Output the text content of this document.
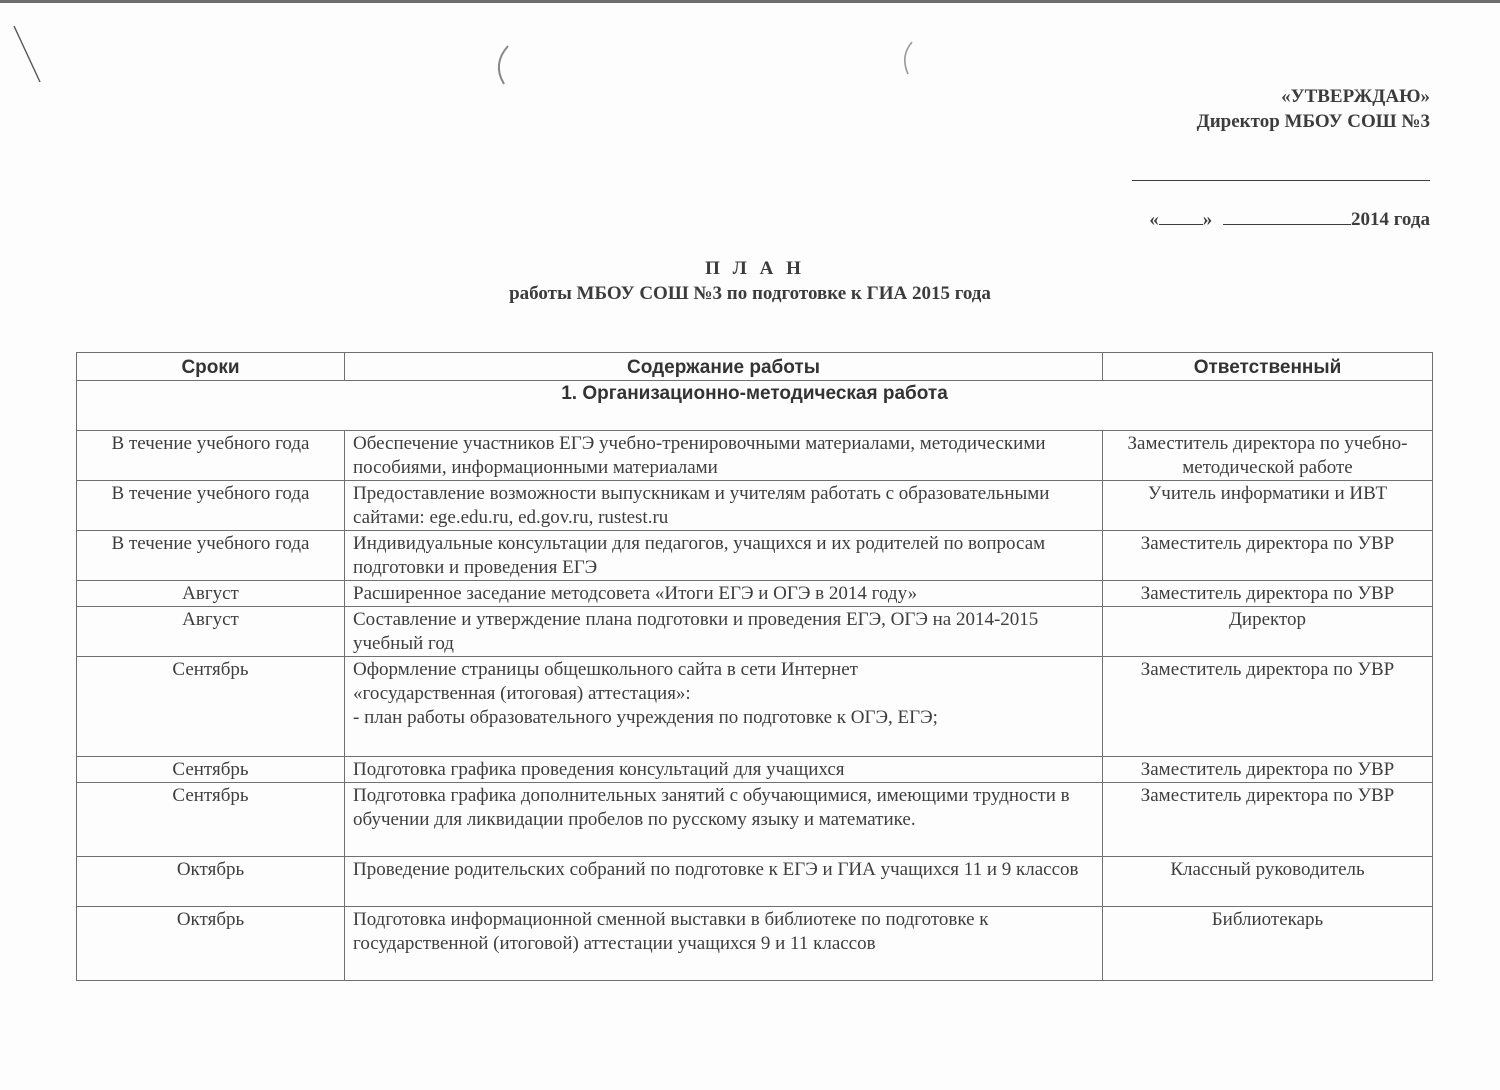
«УТВЕРЖДАЮ»
Директор МБОУ СОШ №3
« »	2014 года
П Л А Н
работы МБОУ СОШ №3 по подготовке к ГИА 2015 года
Сроки	Содержание работы	Ответственный
1. Организационно-методическая работа		
В течение учебного года	Обеспечение участников ЕГЭ учебно-тренировочными материалами, методическими пособиями, информационными материалами	Заместитель директора по учебно-методической работе
В течение учебного года	Предоставление возможности выпускникам и учителям работать с образовательными сайтами: ege.edu.ru, ed.gov.ru, rustest.ru	Учитель информатики и ИВТ
В течение учебного года	Индивидуальные консультации для педагогов, учащихся и их родителей по вопросам подготовки и проведения ЕГЭ	Заместитель директора по УВР
Август	Расширенное заседание методсовета «Итоги ЕГЭ и ОГЭ в 2014 году»	Заместитель директора по УВР
Август	Составление и утверждение плана подготовки и проведения ЕГЭ, ОГЭ на 2014-2015 учебный год	Директор
Сентябрь	Оформление страницы общешкольного сайта в сети Интернет
«государственная (итоговая) аттестация»:
- план работы образовательного учреждения по подготовке к ОГЭ, ЕГЭ;	Заместитель директора по УВР
Сентябрь	Подготовка графика проведения консультаций для учащихся	Заместитель директора по УВР
Сентябрь	Подготовка графика дополнительных занятий с обучающимися, имеющими трудности в обучении для ликвидации пробелов по русскому языку и математике.	Заместитель директора по УВР
Октябрь	Проведение родительских собраний по подготовке к ЕГЭ и ГИА учащихся 11 и 9 классов	Классный руководитель
Октябрь	Подготовка информационной сменной выставки в библиотеке по подготовке к государственной (итоговой) аттестации учащихся 9 и 11 классов	Библиотекарь
